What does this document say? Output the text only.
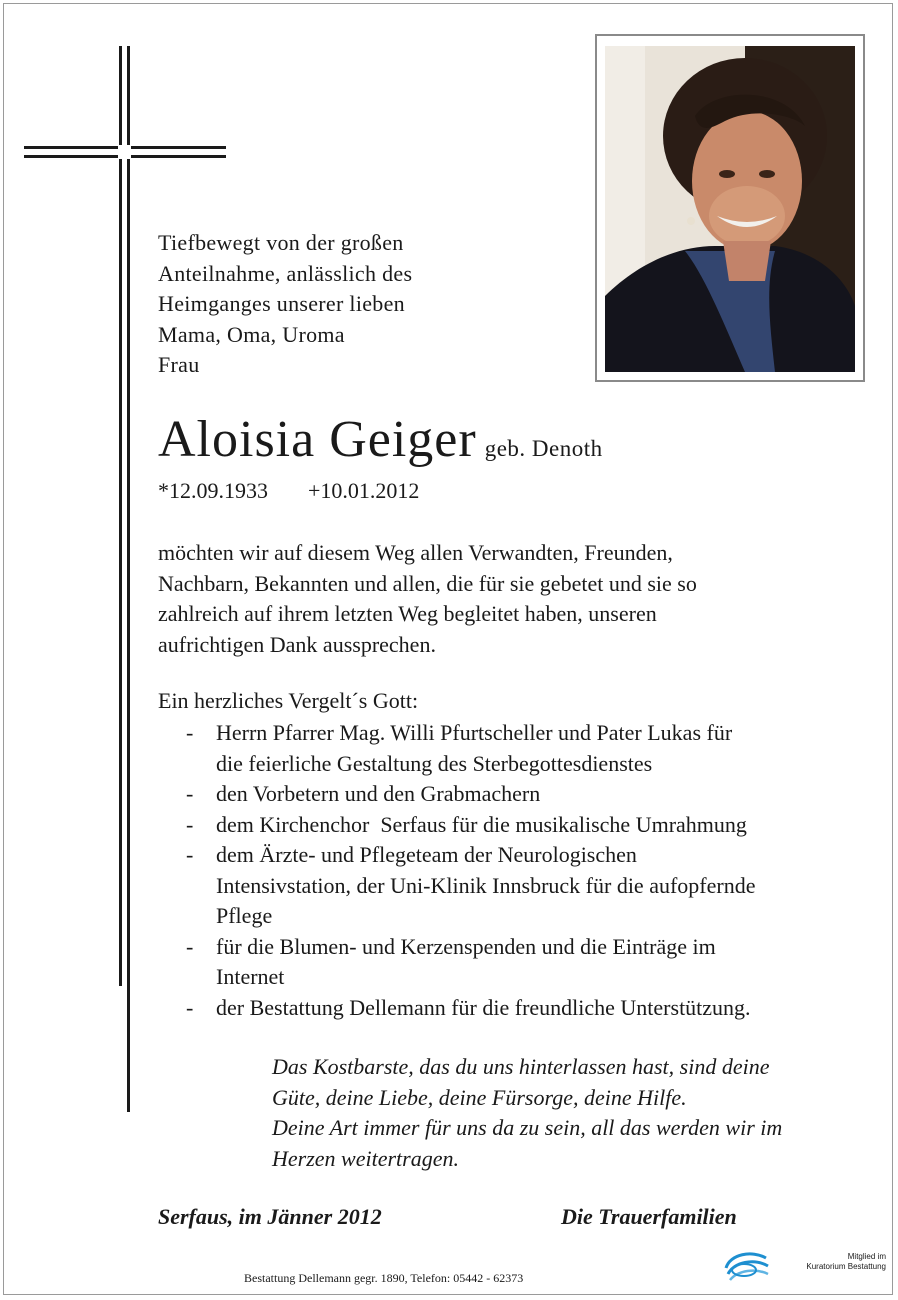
Tiefbewegt von der großen
Anteilnahme, anlässlich des
Heimganges unserer lieben
Mama, Oma, Uroma
Frau
Aloisia Geiger geb. Denoth
*12.09.1933 +10.01.2012
möchten wir auf diesem Weg allen Verwandten, Freunden,
Nachbarn, Bekannten und allen, die für sie gebetet und sie so
zahlreich auf ihrem letzten Weg begleitet haben, unseren
aufrichtigen Dank aussprechen.
Ein herzliches Vergelt´s Gott:
- Herrn Pfarrer Mag. Willi Pfurtscheller und Pater Lukas für
die feierliche Gestaltung des Sterbegottesdienstes
- den Vorbetern und den Grabmachern
- dem Kirchenchor  Serfaus für die musikalische Umrahmung
- dem Ärzte- und Pflegeteam der Neurologischen
Intensivstation, der Uni-Klinik Innsbruck für die aufopfernde
Pflege
- für die Blumen- und Kerzenspenden und die Einträge im
Internet
- der Bestattung Dellemann für die freundliche Unterstützung.
Das Kostbarste, das du uns hinterlassen hast, sind deine
Güte, deine Liebe, deine Fürsorge, deine Hilfe.
Deine Art immer für uns da zu sein, all das werden wir im
Herzen weitertragen.
Serfaus, im Jänner 2012	Die Trauerfamilien
Bestattung Dellemann gegr. 1890, Telefon: 05442 - 62373
Mitglied im
Kuratorium Bestattung
